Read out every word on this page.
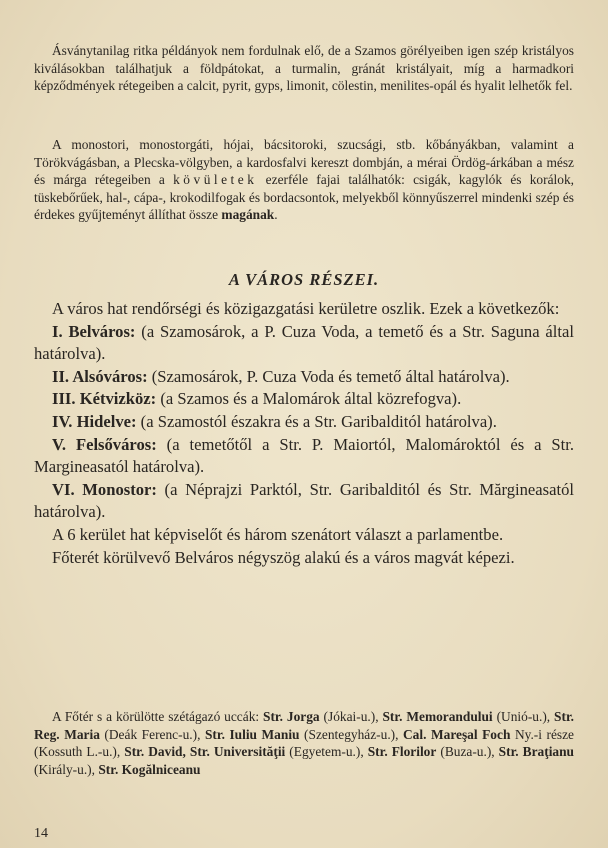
Ásványtanilag ritka példányok nem fordulnak elő, de a Szamos görélyeiben igen szép kristályos kiválásokban találhatjuk a földpátokat, a turmalin, gránát kristályait, míg a harmadkori képződmények rétegeiben a calcit, pyrit, gyps, limonit, cölestin, menilites-opál és hyalit lelhetők fel.

A monostori, monostorgáti, hójai, bácsitoroki, szucsági, stb. kőbányákban, valamint a Törökvágásban, a Plecska-völgyben, a kardosfalvi kereszt dombján, a mérai Ördög-árkában a mész és márga rétegeiben a kövületek ezerféle fajai találhatók: csigák, kagylók és korálok, tüskebőrűek, hal-, cápa-, krokodilfogak és bordacsontok, melyekből könnyűszerrel mindenki szép és érdekes gyűjteményt állíthat össze magának.

A VÁROS RÉSZEI.

A város hat rendőrségi és közigazgatási kerületre oszlik. Ezek a következők:

I. Belváros: (a Szamosárok, a P. Cuza Voda, a temető és a Str. Saguna által határolva).

II. Alsóváros: (Szamosárok, P. Cuza Voda és temető által határolva).

III. Kétvizköz: (a Szamos és a Malomárok által közrefogva).

IV. Hidelve: (a Szamostól északra és a Str. Garibalditól határolva).

V. Felsőváros: (a temetőtől a Str. P. Maiortól, Malomároktól és a Str. Margineasatól határolva).

VI. Monostor: (a Néprajzi Parktól, Str. Garibalditól és Str. Mărgineasatól határolva).

A 6 kerület hat képviselőt és három szenátort választ a parlamentbe.

Főterét körülvevő Belváros négyszög alakú és a város magvát képezi.

A Főtér s a körülötte szétágazó uccák: Str. Jorga (Jókai-u.), Str. Memorandului (Unió-u.), Str. Reg. Maria (Deák Ferenc-u.), Str. Iuliu Maniu (Szentegyház-u.), Cal. Mareşal Foch Ny.-i része (Kossuth L.-u.), Str. David, Str. Universităţii (Egyetem-u.), Str. Florilor (Buza-u.), Str. Braţianu (Király-u.), Str. Kogălniceanu

14
